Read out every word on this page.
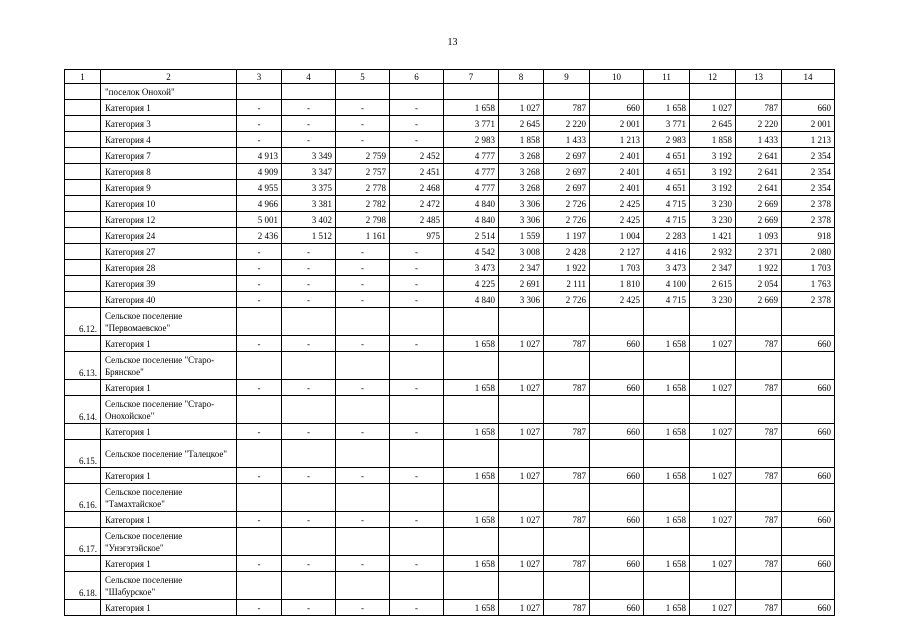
13
1	2	3	4	5	6	7	8	9	10	11	12	13	14
	"поселок Онохой"												
	Категория 1	-	-	-	-	1 658	1 027	787	660	1 658	1 027	787	660
	Категория 3	-	-	-	-	3 771	2 645	2 220	2 001	3 771	2 645	2 220	2 001
	Категория 4	-	-	-	-	2 983	1 858	1 433	1 213	2 983	1 858	1 433	1 213
	Категория 7	4 913	3 349	2 759	2 452	4 777	3 268	2 697	2 401	4 651	3 192	2 641	2 354
	Категория 8	4 909	3 347	2 757	2 451	4 777	3 268	2 697	2 401	4 651	3 192	2 641	2 354
	Категория 9	4 955	3 375	2 778	2 468	4 777	3 268	2 697	2 401	4 651	3 192	2 641	2 354
	Категория 10	4 966	3 381	2 782	2 472	4 840	3 306	2 726	2 425	4 715	3 230	2 669	2 378
	Категория 12	5 001	3 402	2 798	2 485	4 840	3 306	2 726	2 425	4 715	3 230	2 669	2 378
	Категория 24	2 436	1 512	1 161	975	2 514	1 559	1 197	1 004	2 283	1 421	1 093	918
	Категория 27	-	-	-	-	4 542	3 008	2 428	2 127	4 416	2 932	2 371	2 080
	Категория 28	-	-	-	-	3 473	2 347	1 922	1 703	3 473	2 347	1 922	1 703
	Категория 39	-	-	-	-	4 225	2 691	2 111	1 810	4 100	2 615	2 054	1 763
	Категория 40	-	-	-	-	4 840	3 306	2 726	2 425	4 715	3 230	2 669	2 378
6.12.	Сельское поселение "Первомаевское"												
	Категория 1	-	-	-	-	1 658	1 027	787	660	1 658	1 027	787	660
6.13.	Сельское поселение "Старо-Брянское"												
	Категория 1	-	-	-	-	1 658	1 027	787	660	1 658	1 027	787	660
6.14.	Сельское поселение "Старо-Онохойское"												
	Категория 1	-	-	-	-	1 658	1 027	787	660	1 658	1 027	787	660
6.15.	Сельское поселение "Талецкое"												
	Категория 1	-	-	-	-	1 658	1 027	787	660	1 658	1 027	787	660
6.16.	Сельское поселение "Тамахтайское"												
	Категория 1	-	-	-	-	1 658	1 027	787	660	1 658	1 027	787	660
6.17.	Сельское поселение "Унэгэтэйское"												
	Категория 1	-	-	-	-	1 658	1 027	787	660	1 658	1 027	787	660
6.18.	Сельское поселение "Шабурское"												
	Категория 1	-	-	-	-	1 658	1 027	787	660	1 658	1 027	787	660
